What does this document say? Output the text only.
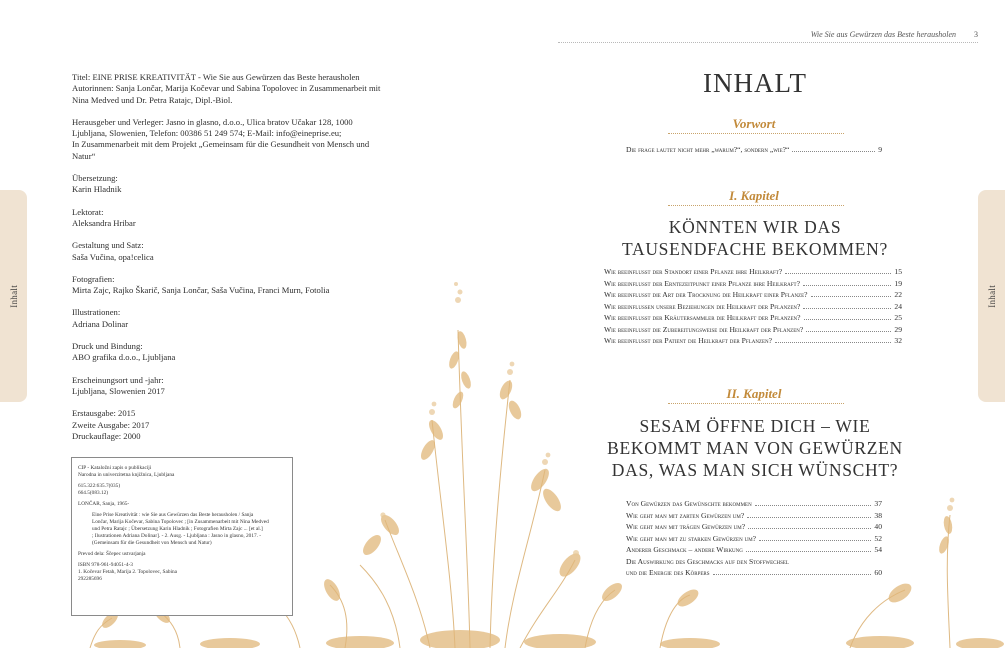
Inhalt	Inhalt

Titel: EINE PRISE KREATIVITÄT - Wie Sie aus Gewürzen das Beste herausholen
Autorinnen: Sanja Lončar, Marija Kočevar und Sabina Topolovec in Zusammenarbeit mit
Nina Medved und Dr. Petra Ratajc, Dipl.-Biol.

Herausgeber und Verleger: Jasno in glasno, d.o.o., Ulica bratov Učakar 128, 1000
Ljubljana, Slowenien, Telefon: 00386 51 249 574; E-Mail: info@eineprise.eu;
In Zusammenarbeit mit dem Projekt „Gemeinsam für die Gesundheit von Mensch und
Natur“

Übersetzung:
Karin Hladnik

Lektorat:
Aleksandra Hribar

Gestaltung und Satz:
Saša Vučina, opa!celica

Fotografien:
Mirta Zajc, Rajko Škarič, Sanja Lončar, Saša Vučina, Franci Murn, Fotolia

Illustrationen:
Adriana Dolinar

Druck und Bindung:
ABO grafika d.o.o., Ljubljana

Erscheinungsort und -jahr:
Ljubljana, Slowenien 2017

Erstausgabe: 2015
Zweite Ausgabe: 2017
Druckauflage: 2000

CIP - Kataložni zapis o publikaciji
Narodna in univerzitetna knjižnica, Ljubljana

615.322:635.7(035)
664.5(083.12)

LONČAR, Sanja, 1965-

Eine Prise Kreativität : wie Sie aus Gewürzen das Beste herausholen / Sanja
Lončar, Marija Kočevar, Sabina Topolovec ; [in Zusammenarbeit mit Nina Medved
und Petra Ratajc ; Übersetzung Karin Hladnik ; Fotografien Mirta Zajc ... [et al.]
; Ilustrationen Adriana Dolinar]. - 2. Ausg. - Ljubljana : Jasno in glasno, 2017. -
(Gemeinsam für die Gesundheit von Mensch und Natur)

Prevod dela: Ščepec ustvarjanja

ISBN 978-961-94051-4-3
1. Kočevar Fetah, Marija 2. Topolovec, Sabina
292285696

Wie Sie aus Gewürzen das Beste herausholen 3
INHALT
Vorwort
Die frage lautet nicht mehr „warum?“, sondern „wie?“	9
I. Kapitel
KÖNNTEN WIR DAS
TAUSENDFACHE BEKOMMEN?
Wie beeinflusst der Standort einer Pflanze ihre Heilkraft?	15
Wie beeinflusst der Erntezeitpunkt einer Pflanze ihre Heilkraft?	19
Wie beeinflusst die Art der Trocknung die Heilkraft einer Pflanze?	22
Wie beeinflussen unsere Beziehungen die Heilkraft der Pflanzen?	24
Wie beeinflusst der Kräutersammler die Heilkraft der Pflanzen?	25
Wie beeinflusst die Zubereitungsweise die Heilkraft der Pflanzen?	29
Wie beeinflusst der Patient die Heilkraft der Pflanzen?	32
II. Kapitel
SESAM ÖFFNE DICH – WIE
BEKOMMT MAN VON GEWÜRZEN
DAS, WAS MAN SICH WÜNSCHT?
Von Gewürzen das Gewünschte bekommen	37
Wie geht man mit zarten Gewürzen um?	38
Wie geht man mit trägen Gewürzen um?	40
Wie geht man mit zu starken Gewürzen um?	52
Anderer Geschmack – andere Wirkung	54
Die Auswirkung des Geschmacks auf den Stoffwechsel
und die Energie des Körpers	60
